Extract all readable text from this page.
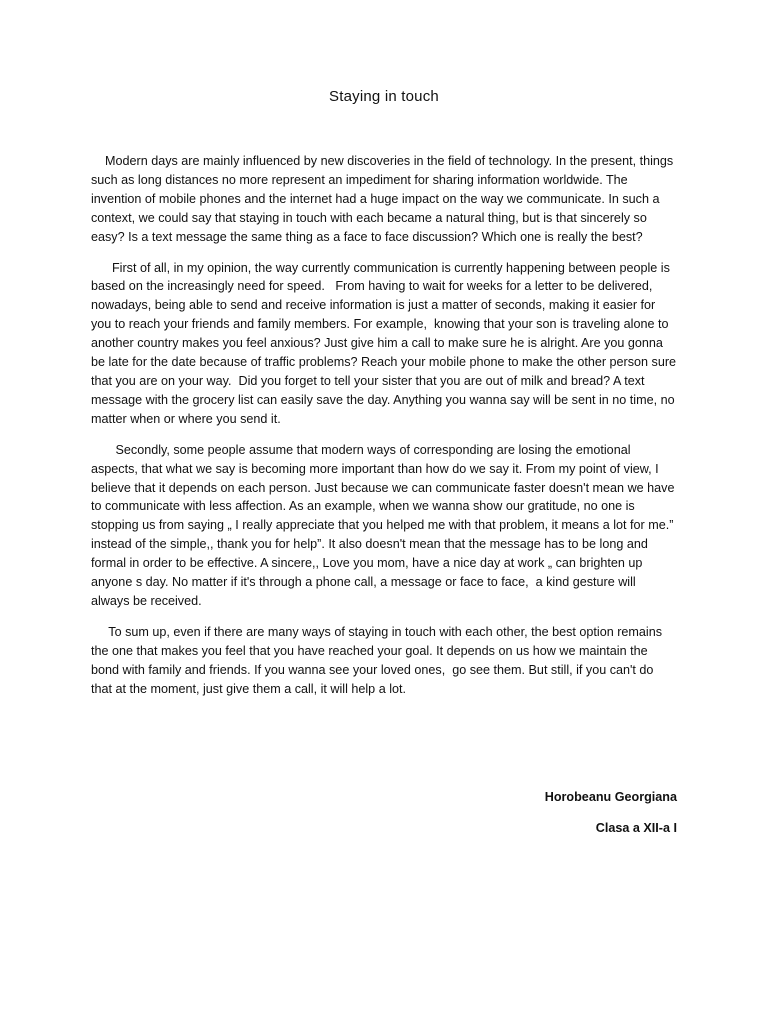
Staying in touch

Modern days are mainly influenced by new discoveries in the field of technology. In the present, things such as long distances no more represent an impediment for sharing information worldwide. The invention of mobile phones and the internet had a huge impact on the way we communicate. In such a context, we could say that staying in touch with each became a natural thing, but is that sincerely so easy? Is a text message the same thing as a face to face discussion? Which one is really the best?

First of all, in my opinion, the way currently communication is currently happening between people is based on the increasingly need for speed.   From having to wait for weeks for a letter to be delivered, nowadays, being able to send and receive information is just a matter of seconds, making it easier for you to reach your friends and family members. For example,  knowing that your son is traveling alone to another country makes you feel anxious? Just give him a call to make sure he is alright. Are you gonna be late for the date because of traffic problems? Reach your mobile phone to make the other person sure that you are on your way.  Did you forget to tell your sister that you are out of milk and bread? A text message with the grocery list can easily save the day. Anything you wanna say will be sent in no time, no matter when or where you send it.

Secondly, some people assume that modern ways of corresponding are losing the emotional aspects, that what we say is becoming more important than how do we say it. From my point of view, I believe that it depends on each person. Just because we can communicate faster doesn't mean we have to communicate with less affection. As an example, when we wanna show our gratitude, no one is stopping us from saying „ I really appreciate that you helped me with that problem, it means a lot for me.” instead of the simple,, thank you for help”. It also doesn't mean that the message has to be long and formal in order to be effective. A sincere,, Love you mom, have a nice day at work „ can brighten up anyone s day. No matter if it's through a phone call, a message or face to face,  a kind gesture will always be received.

To sum up, even if there are many ways of staying in touch with each other, the best option remains the one that makes you feel that you have reached your goal. It depends on us how we maintain the bond with family and friends. If you wanna see your loved ones,  go see them. But still, if you can't do that at the moment, just give them a call, it will help a lot.

Horobeanu Georgiana

Clasa a XII-a I
